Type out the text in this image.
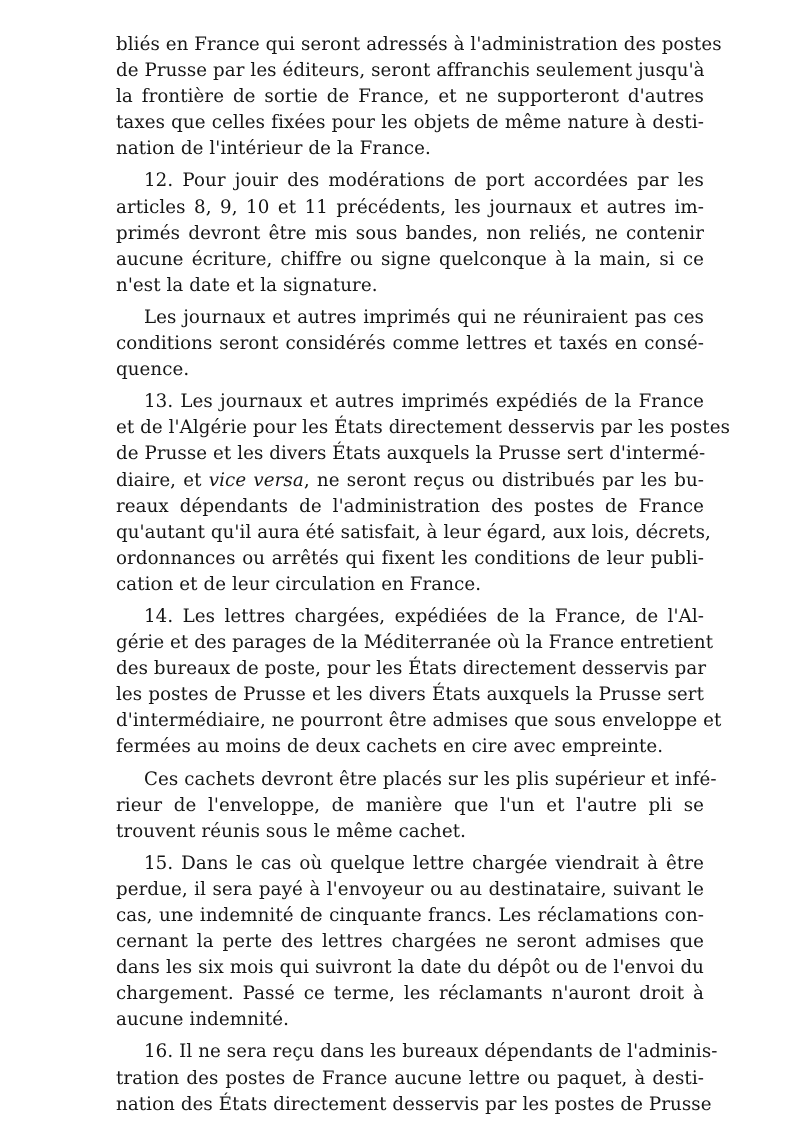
bliés en France qui seront adressés à l'administration des postes
de Prusse par les éditeurs, seront affranchis seulement jusqu'à
la frontière de sortie de France, et ne supporteront d'autres
taxes que celles fixées pour les objets de même nature à desti-
nation de l'intérieur de la France.

12. Pour jouir des modérations de port accordées par les

articles 8, 9, 10 et 11 précédents, les journaux et autres im-
primés devront être mis sous bandes, non reliés, ne contenir
aucune écriture, chiffre ou signe quelconque à la main, si ce
n'est la date et la signature.

Les journaux et autres imprimés qui ne réuniraient pas ces

conditions seront considérés comme lettres et taxés en consé-
quence.

13. Les journaux et autres imprimés expédiés de la France

et de l'Algérie pour les États directement desservis par les postes
de Prusse et les divers États auxquels la Prusse sert d'intermé-
diaire, et vice versa, ne seront reçus ou distribués par les bu-
reaux dépendants de l'administration des postes de France
qu'autant qu'il aura été satisfait, à leur égard, aux lois, décrets,
ordonnances ou arrêtés qui fixent les conditions de leur publi-
cation et de leur circulation en France.

14. Les lettres chargées, expédiées de la France, de l'Al-

gérie et des parages de la Méditerranée où la France entretient
des bureaux de poste, pour les États directement desservis par
les postes de Prusse et les divers États auxquels la Prusse sert
d'intermédiaire, ne pourront être admises que sous enveloppe et
fermées au moins de deux cachets en cire avec empreinte.

Ces cachets devront être placés sur les plis supérieur et infé-

rieur de l'enveloppe, de manière que l'un et l'autre pli se
trouvent réunis sous le même cachet.

15. Dans le cas où quelque lettre chargée viendrait à être

perdue, il sera payé à l'envoyeur ou au destinataire, suivant le
cas, une indemnité de cinquante francs. Les réclamations con-
cernant la perte des lettres chargées ne seront admises que
dans les six mois qui suivront la date du dépôt ou de l'envoi du
chargement. Passé ce terme, les réclamants n'auront droit à
aucune indemnité.

16. Il ne sera reçu dans les bureaux dépendants de l'adminis-

tration des postes de France aucune lettre ou paquet, à desti-
nation des États directement desservis par les postes de Prusse
